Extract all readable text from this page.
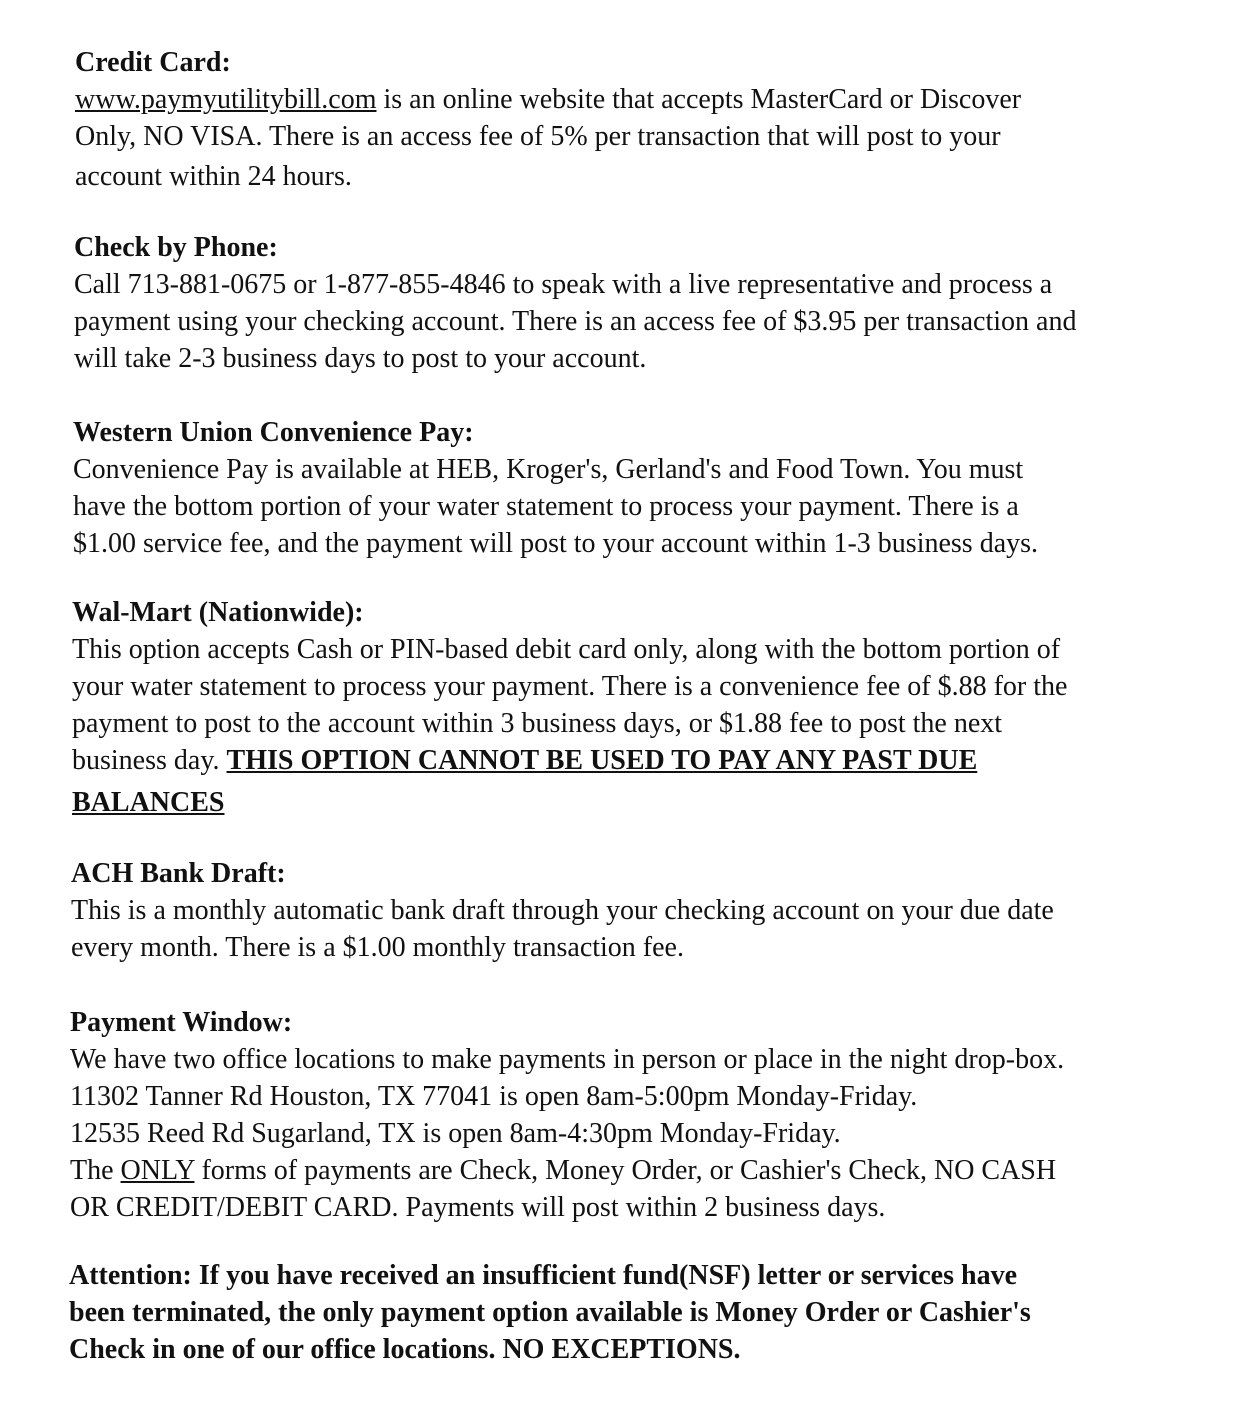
Credit Card:
www.paymyutilitybill.com is an online website that accepts MasterCard or Discover
Only, NO VISA. There is an access fee of 5% per transaction that will post to your
account within 24 hours.
Check by Phone:
Call 713-881-0675 or 1-877-855-4846 to speak with a live representative and process a
payment using your checking account. There is an access fee of $3.95 per transaction and
will take 2-3 business days to post to your account.
Western Union Convenience Pay:
Convenience Pay is available at HEB, Kroger's, Gerland's and Food Town. You must
have the bottom portion of your water statement to process your payment. There is a
$1.00 service fee, and the payment will post to your account within 1-3 business days.
Wal-Mart (Nationwide):
This option accepts Cash or PIN-based debit card only, along with the bottom portion of
your water statement to process your payment. There is a convenience fee of $.88 for the
payment to post to the account within 3 business days, or $1.88 fee to post the next
business day. THIS OPTION CANNOT BE USED TO PAY ANY PAST DUE
BALANCES
ACH Bank Draft:
This is a monthly automatic bank draft through your checking account on your due date
every month. There is a $1.00 monthly transaction fee.
Payment Window:
We have two office locations to make payments in person or place in the night drop-box.
11302 Tanner Rd Houston, TX 77041 is open 8am-5:00pm Monday-Friday.
12535 Reed Rd Sugarland, TX is open 8am-4:30pm Monday-Friday.
The ONLY forms of payments are Check, Money Order, or Cashier's Check, NO CASH
OR CREDIT/DEBIT CARD. Payments will post within 2 business days.
Attention: If you have received an insufficient fund(NSF) letter or services have
been terminated, the only payment option available is Money Order or Cashier's
Check in one of our office locations. NO EXCEPTIONS.
